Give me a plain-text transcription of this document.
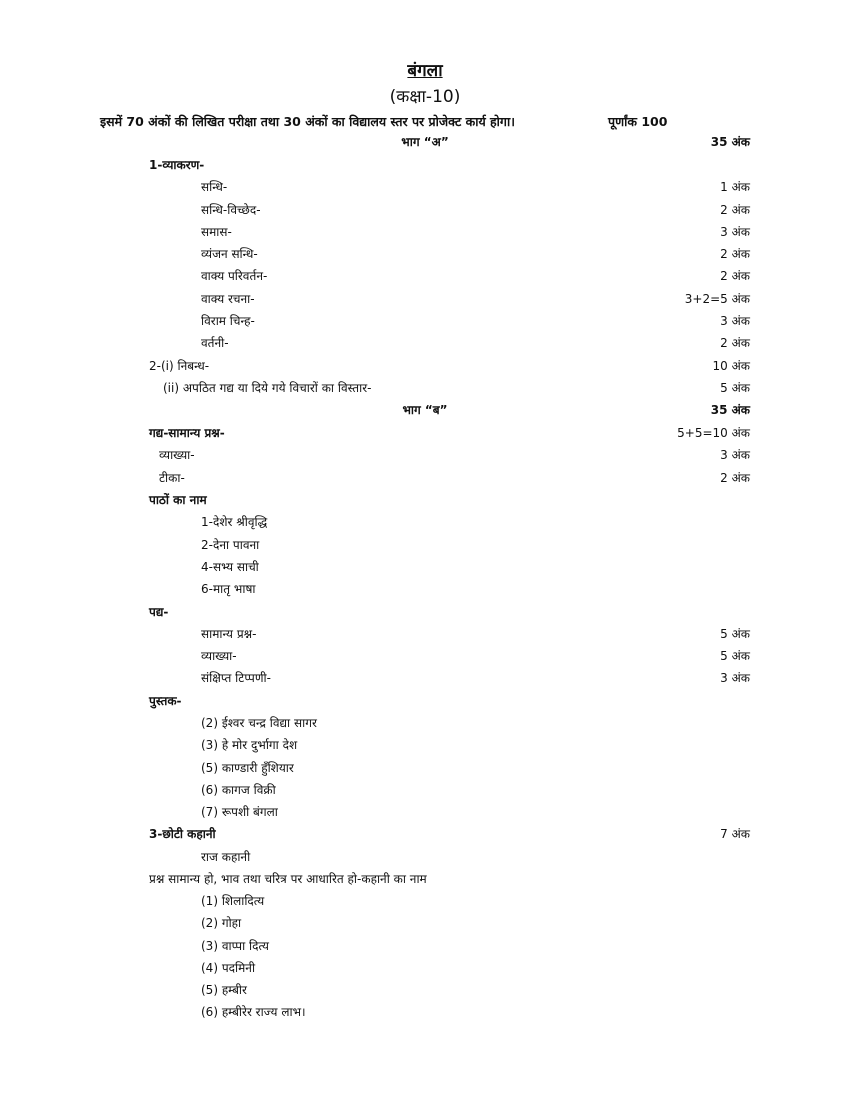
बंगला
(कक्षा-10)
इसमें 70 अंकों की लिखित परीक्षा तथा 30 अंकों का विद्यालय स्तर पर प्रोजेक्ट कार्य होगा।	पूर्णांक 100
भाग “अ”	35 अंक
1-व्याकरण-
सन्धि-	1 अंक
सन्धि-विच्छेद-	2 अंक
समास-	3 अंक
व्यंजन सन्धि-	2 अंक
वाक्य परिवर्तन-	2 अंक
वाक्य रचना-	3+2=5 अंक
विराम चिन्ह-	3 अंक
वर्तनी-	2 अंक
2-(i) निबन्ध-	10 अंक
(ii) अपठित गद्य या दिये गये विचारों का विस्तार-	5 अंक
भाग “ब”	35 अंक
गद्य-सामान्य प्रश्न-	5+5=10 अंक
व्याख्या-	3 अंक
टीका-	2 अंक
पाठों का नाम
1-देशेर श्रीवृद्धि
2-देना पावना
4-सभ्य साची
6-मातृ भाषा
पद्य-
सामान्य प्रश्न-	5 अंक
व्याख्या-	5 अंक
संक्षिप्त टिप्पणी-	3 अंक
पुस्तक-
(2) ईश्वर चन्द्र विद्या सागर
(3) हे मोर दुर्भागा देश
(5) काण्डारी हुँशियार
(6) कागज विक्री
(7) रूपशी बंगला
3-छोटी कहानी	7 अंक
राज कहानी
प्रश्न सामान्य हो, भाव तथा चरित्र पर आधारित हो-कहानी का नाम
(1) शिलादित्य
(2) गोहा
(3) वाप्पा दित्य
(4) पदमिनी
(5) हम्बीर
(6) हम्बीरेर राज्य लाभ।
